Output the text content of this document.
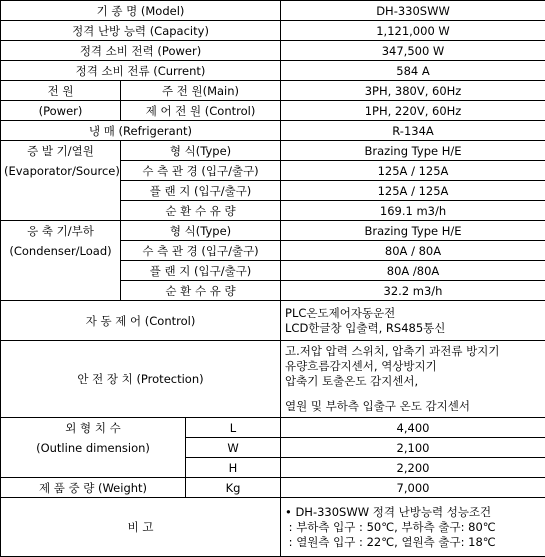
기 종 명 (Model)			DH-330SWW
정격 난방 능력 (Capacity)			1,121,000 W
정격 소비 전력 (Power)			347,500 W
정격 소비 전류 (Current)			584 A
전 원	주 전 원(Main)		3PH, 380V, 60Hz
(Power)	제 어 전 원 (Control)		1PH, 220V, 60Hz
냉 매 (Refrigerant)			R-134A
증 발 기/열원	형 식(Type)		Brazing Type H/E
(Evaporator/Source)	수 측 관 경 (입구/출구)		125A / 125A
	플 랜 지 (입구/출구)		125A / 125A
	순 환 수 유 량		169.1 m3/h
응 축 기/부하	형 식(Type)		Brazing Type H/E
(Condenser/Load)	수 측 관 경 (입구/출구)		80A / 80A
	플 랜 지 (입구/출구)		80A /80A
	순 환 수 유 량		32.2 m3/h
자 동 제 어 (Control)			PLC온도제어자동운전
LCD한글창 입출력, RS485통신

안 전 장 치 (Protection)			고.저압 압력 스위치, 압축기 과전류 방지기
유량흐름감지센서, 역상방지기
압축기 토출온도 감지센서,
열원 및 부하측 입출구 온도 감지센서

외 형 치 수		L	4,400
(Outline dimension)		W	2,100
		H	2,200
제 품 중 량 (Weight)		Kg	7,000
비 고			• DH-330SWW 정격 난방능력 성능조건
: 부하측 입구 : 50℃, 부하측 출구: 80℃
: 열원측 입구 : 22℃, 열원측 출구: 18℃
